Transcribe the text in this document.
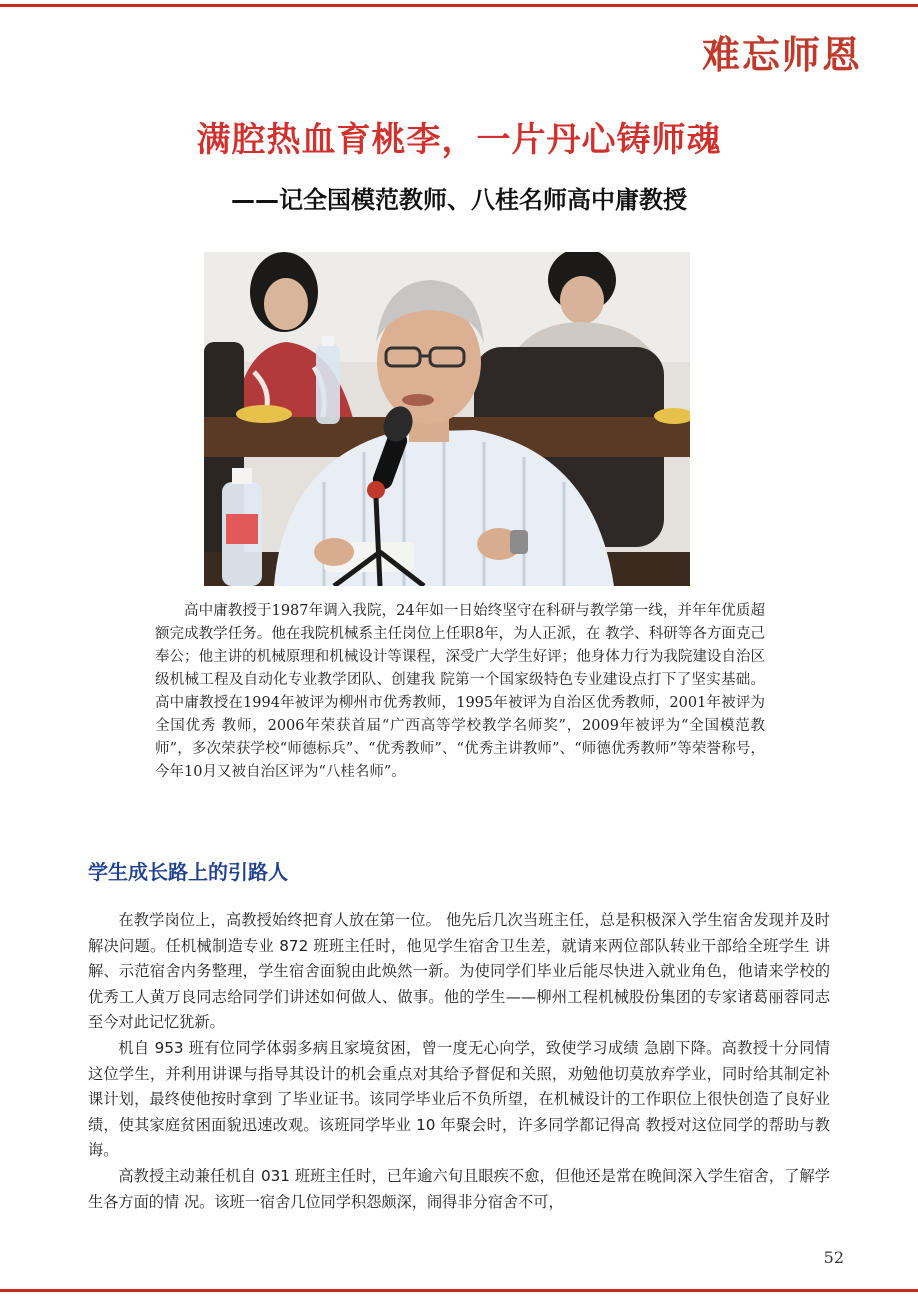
难忘师恩
满腔热血育桃李，一片丹心铸师魂
——记全国模范教师、八桂名师高中庸教授

高中庸教授于1987年调入我院，24年如一日始终坚守在科研与教学第一线，并年年优质超额完成教学任务。他在我院机械系主任岗位上任职8年，为人正派，在 教学、科研等各方面克己奉公；他主讲的机械原理和机械设计等课程，深受广大学生好评；他身体力行为我院建设自治区级机械工程及自动化专业教学团队、创建我 院第一个国家级特色专业建设点打下了坚实基础。高中庸教授在1994年被评为柳州市优秀教师，1995年被评为自治区优秀教师，2001年被评为全国优秀 教师，2006年荣获首届“广西高等学校教学名师奖”，2009年被评为“全国模范教师”，多次荣获学校“师德标兵”、“优秀教师”、“优秀主讲教师”、“师德优秀教师”等荣誉称号，今年10月又被自治区评为“八桂名师”。

学生成长路上的引路人

在教学岗位上，高教授始终把育人放在第一位。 他先后几次当班主任，总是积极深入学生宿舍发现并及时解决问题。任机械制造专业 872 班班主任时，他见学生宿舍卫生差，就请来两位部队转业干部给全班学生 讲解、示范宿舍内务整理，学生宿舍面貌由此焕然一新。为使同学们毕业后能尽快进入就业角色，他请来学校的优秀工人黄万良同志给同学们讲述如何做人、做事。他的学生——柳州工程机械股份集团的专家诸葛丽蓉同志至今对此记忆犹新。

机自 953 班有位同学体弱多病且家境贫困，曾一度无心向学，致使学习成绩 急剧下降。高教授十分同情这位学生，并利用讲课与指导其设计的机会重点对其给予督促和关照，劝勉他切莫放弃学业，同时给其制定补课计划，最终使他按时拿到 了毕业证书。该同学毕业后不负所望，在机械设计的工作职位上很快创造了良好业绩，使其家庭贫困面貌迅速改观。该班同学毕业 10 年聚会时，许多同学都记得高 教授对这位同学的帮助与教诲。

高教授主动兼任机自 031 班班主任时，已年逾六旬且眼疾不愈，但他还是常在晚间深入学生宿舍，了解学生各方面的情 况。该班一宿舍几位同学积怨颇深，闹得非分宿舍不可，

52
